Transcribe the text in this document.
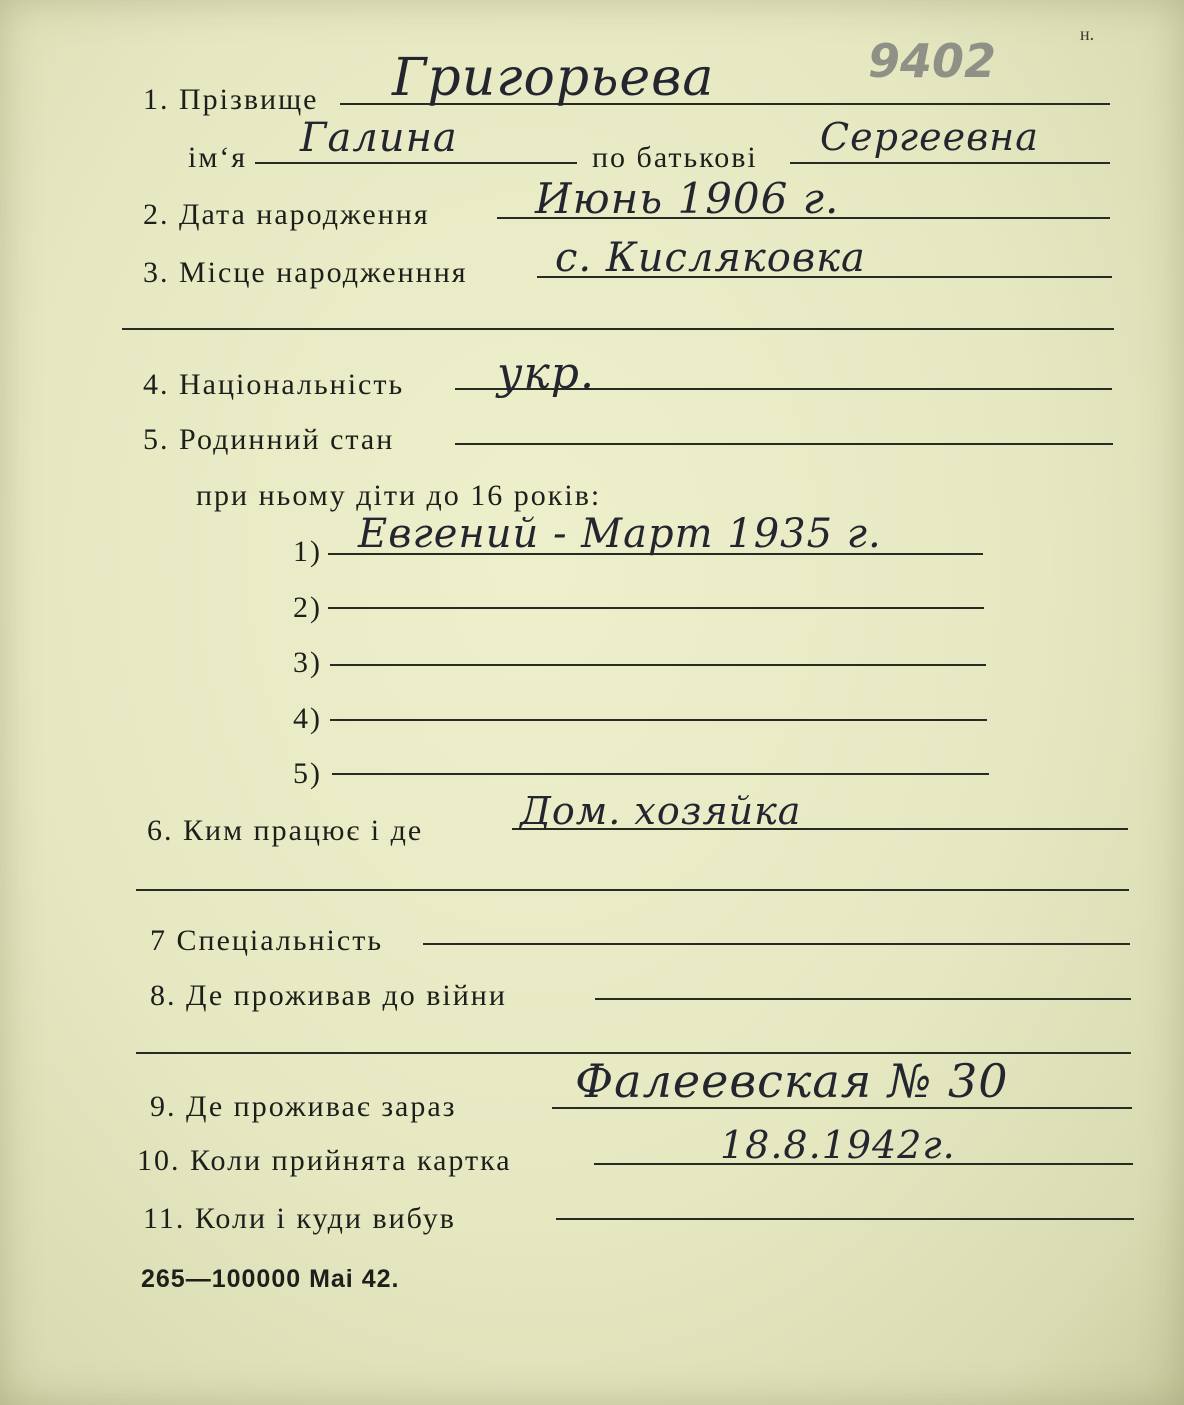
9402	н.
1. Прізвище Григорьева
ім‘я Галина	по батькові Сергеевна
2. Дата народження	Июнь 1906 г.
3. Місце народженння с. Кисляковка
4. Національність укр.
5. Родинний стан
при ньому діти до 16 років:
1) Евгений - Март 1935 г.
2)
3)
4)
5)
6. Ким працює і де	Дом. хозяйка
7 Спеціальність
8. Де проживав до війни
9. Де проживає зараз	Фалеевская № 30
10. Коли прийнята картка	18.8.1942г.
11. Коли і куди вибув
265—100000 Mai 42.
